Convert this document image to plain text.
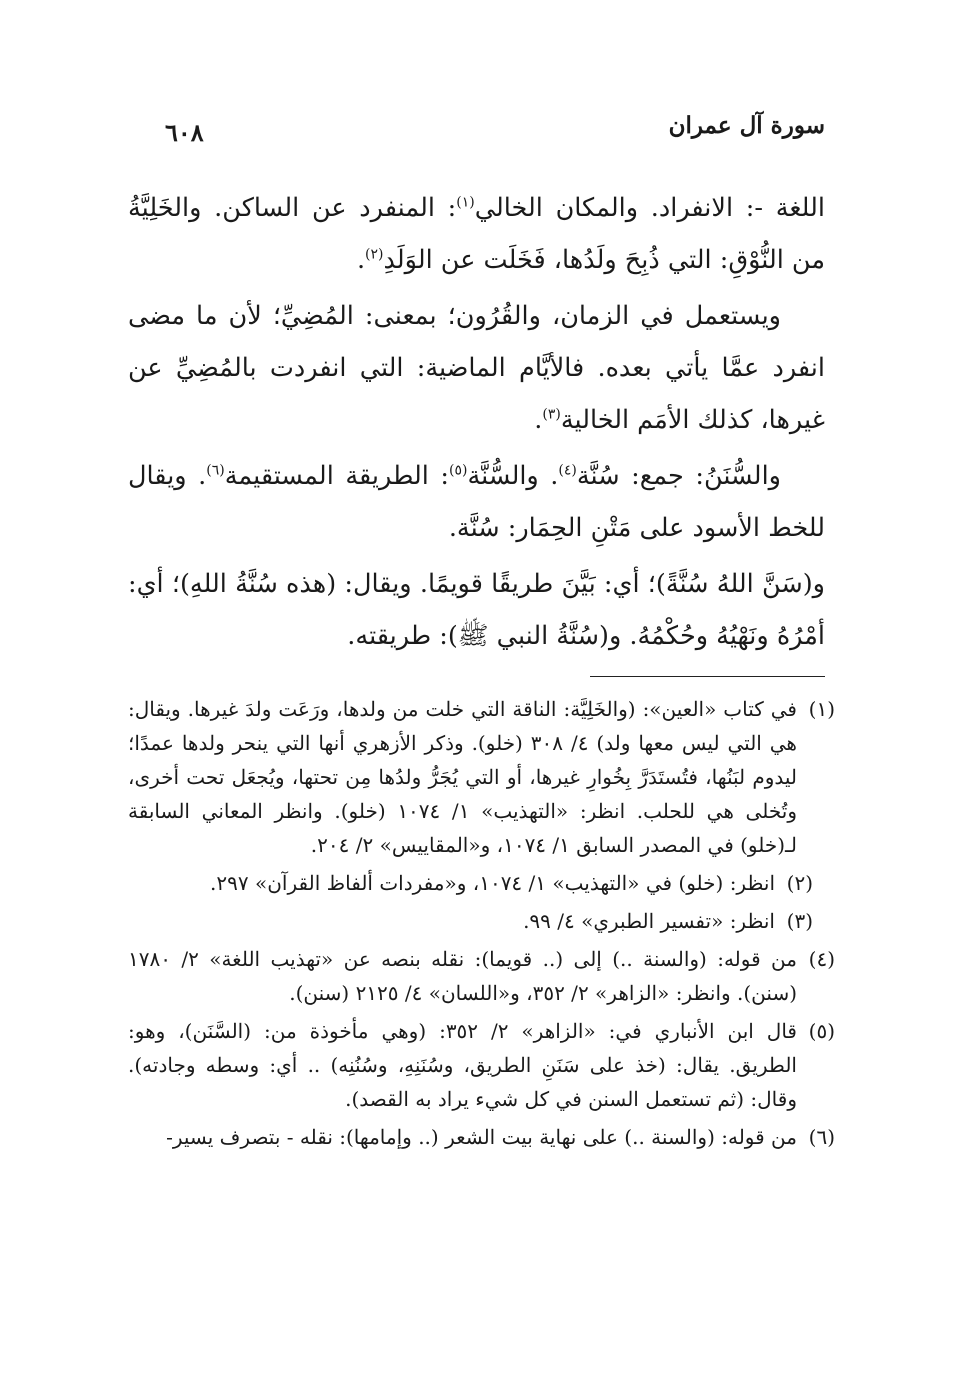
سورة آل عمران
٦٠٨

اللغة -: الانفراد. والمكان الخالي$^{(١)}$: المنفرد عن الساكن. والخَلِيَّةُ من النُّوْقِ: التي ذُبِحَ ولَدُها، فَخَلَت عن الوَلَدِ$^{(٢)}$.

ويستعمل في الزمان، والقُرُون؛ بمعنى: المُضِيِّ؛ لأن ما مضى انفرد عمَّا يأتي بعده. فالأيَّام الماضية: التي انفردت بالمُضِيِّ عن غيرها، كذلك الأمَم الخالية$^{(٣)}$.

والسُّنَنُ: جمع: سُنَّة$^{(٤)}$. والسُّنَّة$^{(٥)}$: الطريقة المستقيمة$^{(٦)}$. ويقال للخط الأسود على مَتْنِ الحِمَار: سُنَّة.

و(سَنَّ اللهُ سُنَّةً)؛ أي: بَيَّنَ طريقًا قويمًا. ويقال: (هذه سُنَّةُ اللهِ)؛ أي: أمْرُهُ ونَهْيُهُ وحُكْمُهُ. و(سُنَّةُ النبي ﷺ): طريقته.

(١)
في كتاب «العين»: (والخَلِيَّة: الناقة التي خلت من ولدها، ورَعَت ولدَ غيرها. ويقال: هي التي ليس معها ولد) ٤/ ٣٠٨ (خلو). وذكر الأزهري أنها التي ينحر ولدها عمدًا؛ ليدوم لبَنُها، فتُستَدَرَّ بِخُوارِ غيرها، أو التي يُجَرُّ ولدُها مِن تحتها، ويُجعَل تحت أخرى، وتُخلى هي للحلب. انظر: «التهذيب» ١/ ١٠٧٤ (خلو). وانظر المعاني السابقة لـ(خلو) في المصدر السابق ١/ ١٠٧٤، و«المقاييس» ٢/ ٢٠٤.
(٢)
انظر: (خلو) في «التهذيب» ١/ ١٠٧٤، و«مفردات ألفاظ القرآن» ٢٩٧.
(٣)
انظر: «تفسير الطبري» ٤/ ٩٩.
(٤)
من قوله: (والسنة ..) إلى (.. قويما): نقله بنصه عن «تهذيب اللغة» ٢/ ١٧٨٠ (سنن). وانظر: «الزاهر» ٢/ ٣٥٢، و«اللسان» ٤/ ٢١٢٥ (سنن).
(٥)
قال ابن الأنباري في: «الزاهر» ٢/ ٣٥٢: (وهي مأخوذة من: (السَّنَن)، وهو: الطريق. يقال: (خذ على سَنَنِ الطريق، وسُنَنِهِ، وسُنُنِه) .. أي: وسطه وجادته). وقال: (ثم تستعمل السنن في كل شيء يراد به القصد).
(٦)
من قوله: (والسنة ..) على نهاية بيت الشعر (.. وإمامها): نقله - بتصرف يسير-
